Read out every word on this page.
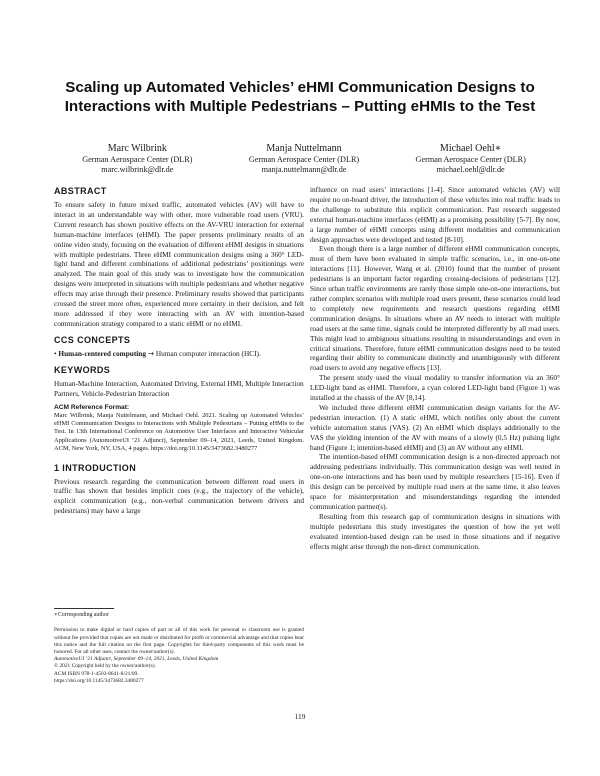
Scaling up Automated Vehicles’ eHMI Communication Designs to Interactions with Multiple Pedestrians – Putting eHMIs to the Test
Marc Wilbrink
German Aerospace Center (DLR)
marc.wilbrink@dlr.de
Manja Nuttelmann
German Aerospace Center (DLR)
manja.nuttelmann@dlr.de
Michael Oehl∗
German Aerospace Center (DLR)
michael.oehl@dlr.de
ABSTRACT

To ensure safety in future mixed traffic, automated vehicles (AV) will have to interact in an understandable way with other, more vulnerable road users (VRU). Current research has shown positive effects on the AV-VRU interaction for external human-machine interfaces (eHMI). The paper presents preliminary results of an online video study, focusing on the evaluation of different eHMI designs in situations with multiple pedestrians. Three eHMI communication designs using a 360° LED-light band and different combinations of additional pedestrians’ positionings were analyzed. The main goal of this study was to investigate how the communication designs were interpreted in situations with multiple pedestrians and whether negative effects may arise through their presence. Preliminary results showed that participants crossed the street more often, experienced more certainty in their decision, and felt more addressed if they were interacting with an AV with intention-based communication strategy compared to a static eHMI or no eHMI.

CCS CONCEPTS

• Human-centered computing → Human computer interaction (HCI).

KEYWORDS

Human-Machine Interaction, Automated Driving, External HMI, Multiple Interaction Partners, Vehicle-Pedestrian Interaction

ACM Reference Format:

Marc Wilbrink, Manja Nuttelmann, and Michael Oehl. 2021. Scaling up Automated Vehicles’ eHMI Communication Designs to Interactions with Multiple Pedestrians – Putting eHMIs to the Test. In 13th International Conference on Automotive User Interfaces and Interactive Vehicular Applications (AutomotiveUI ’21 Adjunct), September 09–14, 2021, Leeds, United Kingdom. ACM, New York, NY, USA, 4 pages. https://doi.org/10.1145/3473682.3480277

1 INTRODUCTION

Previous research regarding the communication between different road users in traffic has shown that besides implicit cues (e.g., the trajectory of the vehicle), explicit communication (e.g., non-verbal communication between drivers and pedestrians) may have a large

∗Corresponding author

Permission to make digital or hard copies of part or all of this work for personal or classroom use is granted without fee provided that copies are not made or distributed for profit or commercial advantage and that copies bear this notice and the full citation on the first page. Copyrights for third-party components of this work must be honored. For all other uses, contact the owner/author(s).

AutomotiveUI ’21 Adjunct, September 09–14, 2021, Leeds, United Kingdom

© 2021 Copyright held by the owner/author(s).

ACM ISBN 978-1-4503-8641-8/21/09.

https://doi.org/10.1145/3473682.3480277

influence on road users’ interactions [1-4]. Since automated vehicles (AV) will require no on-board driver, the introduction of these vehicles into real traffic leads to the challenge to substitute this explicit communication. Past research suggested external human-machine interfaces (eHMI) as a promising possibility [5-7]. By now, a large number of eHMI concepts using different modalities and communication design approaches were developed and tested [8-10].

Even though there is a large number of different eHMI communication concepts, most of them have been evaluated in simple traffic scenarios, i.e., in one-on-one interactions [11]. However, Wang et al. (2010) found that the number of present pedestrians is an important factor regarding crossing-decisions of pedestrians [12]. Since urban traffic environments are rarely those simple one-on-one interactions, but rather complex scenarios with multiple road users present, these scenarios could lead to completely new requirements and research questions regarding eHMI communication designs. In situations where an AV needs to interact with multiple road users at the same time, signals could be interpreted differently by all road users. This might lead to ambiguous situations resulting in misunderstandings and even in critical situations. Therefore, future eHMI communication designs need to be tested regarding their ability to communicate distinctly and unambiguously with different road users to avoid any negative effects [13].

The present study used the visual modality to transfer information via an 360° LED-light band as eHMI. Therefore, a cyan colored LED-light band (Figure 1) was installed at the chassis of the AV [8,14].

We included three different eHMI communication design variants for the AV-pedestrian interaction. (1) A static eHMI, which notifies only about the current vehicle automation status (VAS). (2) An eHMI which displays additionally to the VAS the yielding intention of the AV with means of a slowly (0,5 Hz) pulsing light band (Figure 1; intention-based eHMI) and (3) an AV without any eHMI.

The intention-based eHMI communication design is a non-directed approach not addressing pedestrians individually. This communication design was well tested in one-on-one interactions and has been used by multiple researchers [15-16]. Even if this design can be perceived by multiple road users at the same time, it also leaves space for misinterpretation and misunderstandings regarding the intended communication partner(s).

Resulting from this research gap of communication designs in situations with multiple pedestrians this study investigates the question of how the yet well evaluated intention-based design can be used in those situations and if negative effects might arise through the non-direct communication.

119
